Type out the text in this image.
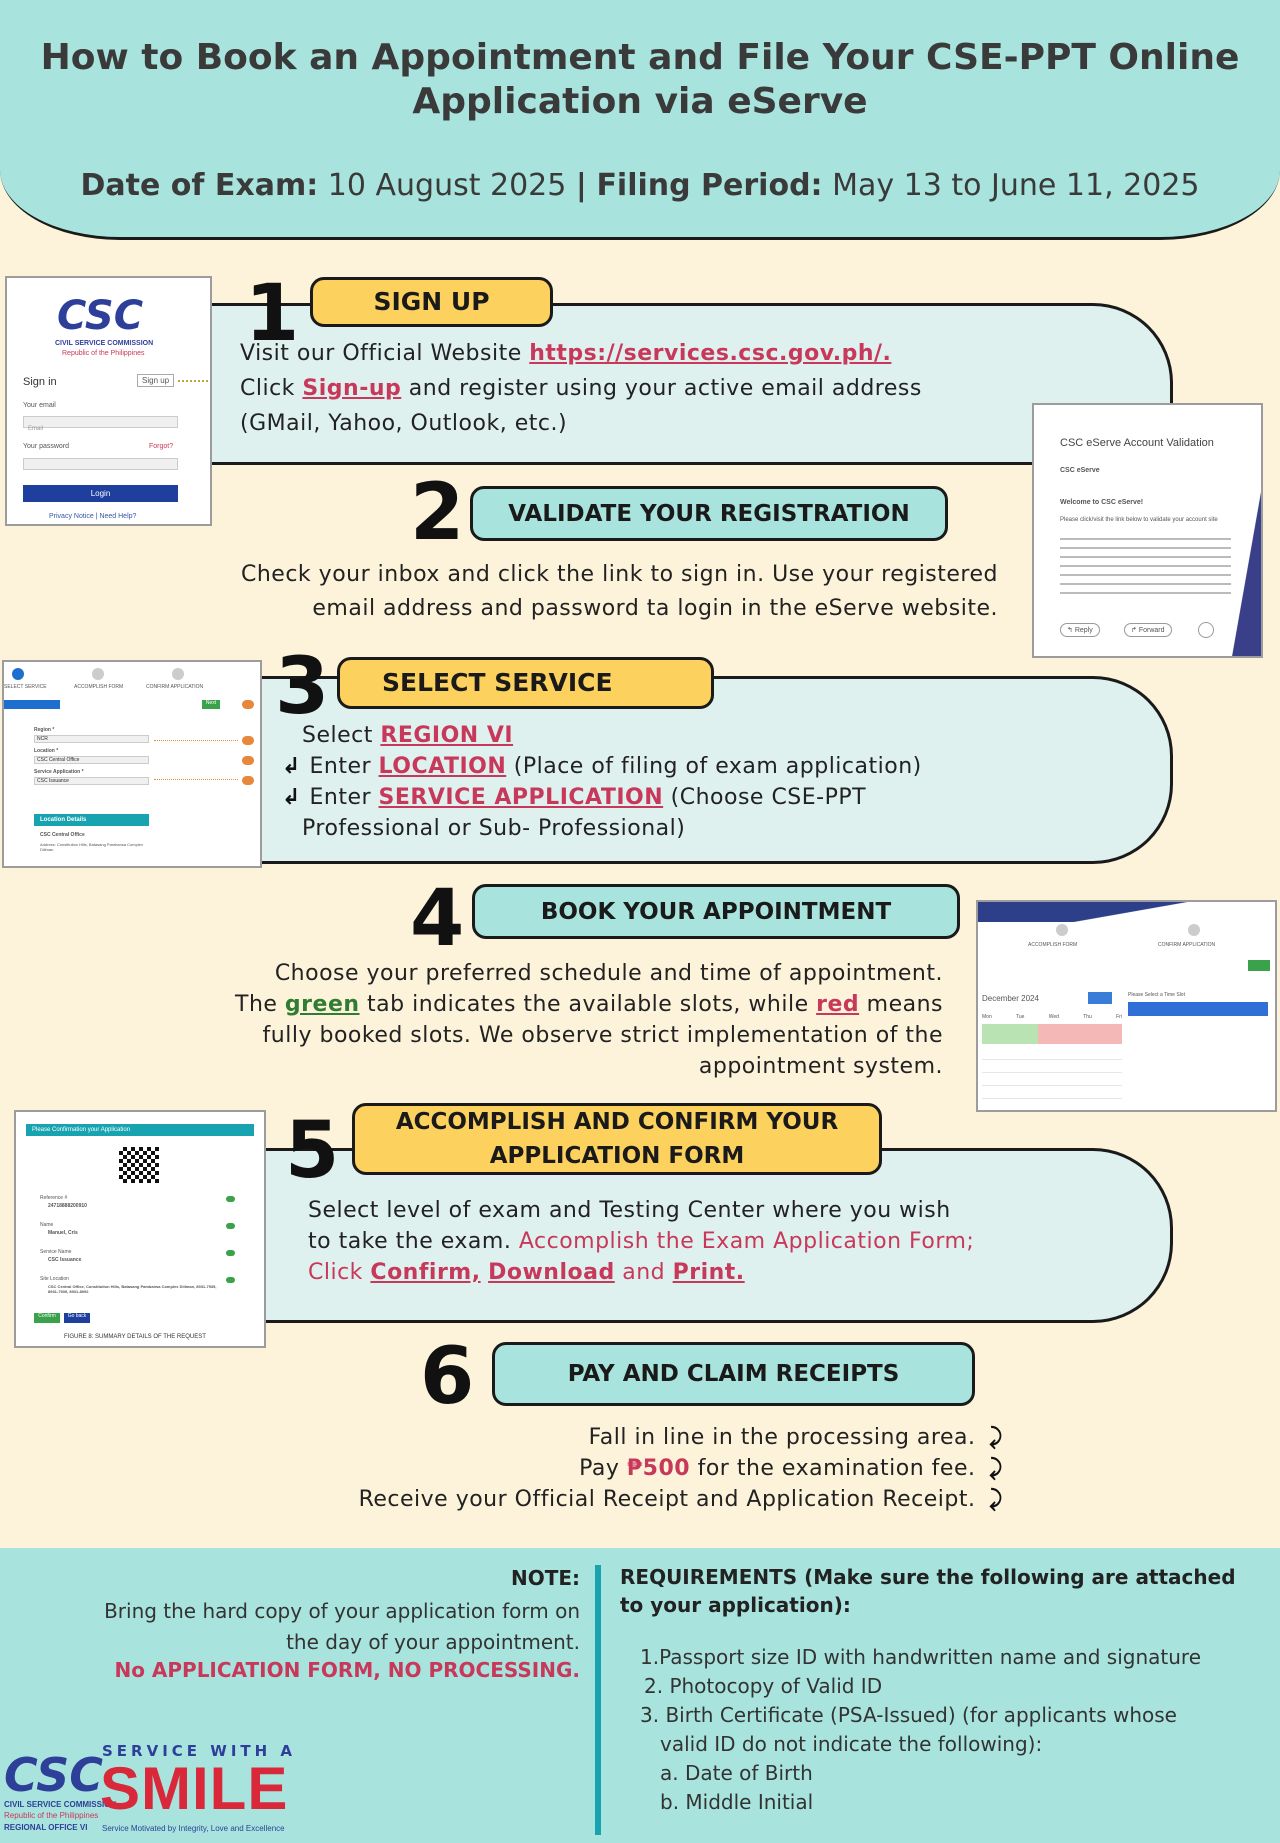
How to Book an Appointment and File Your CSE-PPT Online Application via eServe
Date of Exam: 10 August 2025 | Filing Period: May 13 to June 11, 2025
1	SIGN UP
Visit our Official Website https://services.csc.gov.ph/.
Click Sign-up and register using your active email address
(GMail, Yahoo, Outlook, etc.)
CSC
CIVIL SERVICE COMMISSION
Republic of the Philippines
Sign in	Sign up
Your email
Email
Your password	Forgot?
Login
Privacy Notice | Need Help?	2	VALIDATE YOUR REGISTRATION
Check your inbox and click the link to sign in. Use your registered
email address and password ta login in the eServe website.
CSC eServe Account Validation
CSC eServe
Welcome to CSC eServe!
Please click/visit the link below to validate your account site
↰ Reply	↱ Forward
3	SELECT SERVICE
Select REGION VI
↲ Enter LOCATION (Place of filing of exam application)
↲ Enter SERVICE APPLICATION (Choose CSE-PPT
Professional or Sub- Professional)
SELECT SERVICE	ACCOMPLISH FORM	CONFIRM APPLICATION
Next
Region *
$^{NCR}$
Location *
$^{CSC Central Office}$
Service Application *
$^{CSC Issuance}$
Location Details
CSC Central Office
Address: Constitution Hills, Batasang Pambansa Complex Diliman
4	BOOK YOUR APPOINTMENT
Choose your preferred schedule and time of appointment.
The green tab indicates the available slots, while red means
fully booked slots. We observe strict implementation of the
appointment system.
ACCOMPLISH FORM	CONFIRM APPLICATION
December 2024	Please Select a Time Slot
Mon	Tue	Wed	Thu	Fri
5 ACCOMPLISH AND CONFIRM YOUR
APPLICATION FORM
Select level of exam and Testing Center where you wish
to take the exam. Accomplish the Exam Application Form;
Click Confirm, Download and Print.
Please Confirmation your Application
Reference #
24718888200910
Name
Manuel, Cris
Service Name
CSC Issuance
Site Location
CSC Central Office, Constitution Hills, Batasang Pambansa Complex Diliman, 8931-7935, 8931-7939, 8931-8092
Confirm	Go back
FIGURE 8: SUMMARY DETAILS OF THE REQUEST	6	PAY AND CLAIM RECEIPTS
Fall in line in the processing area. ⤸
Pay ₱500 for the examination fee. ⤸
Receive your Official Receipt and Application Receipt. ⤸
NOTE:
Bring the hard copy of your application form on
the day of your appointment.
No APPLICATION FORM, NO PROCESSING.
REQUIREMENTS (Make sure the following are attached to your application):
1.Passport size ID with handwritten name and signature
2. Photocopy of Valid ID
3. Birth Certificate (PSA-Issued) (for applicants whose
valid ID do not indicate the following):
a. Date of Birth
b. Middle Initial
CSC
CIVIL SERVICE COMMISSION
Republic of the Philippines
REGIONAL OFFICE VI
SERVICE WITH A
SMILE
Service Motivated by Integrity, Love and Excellence
